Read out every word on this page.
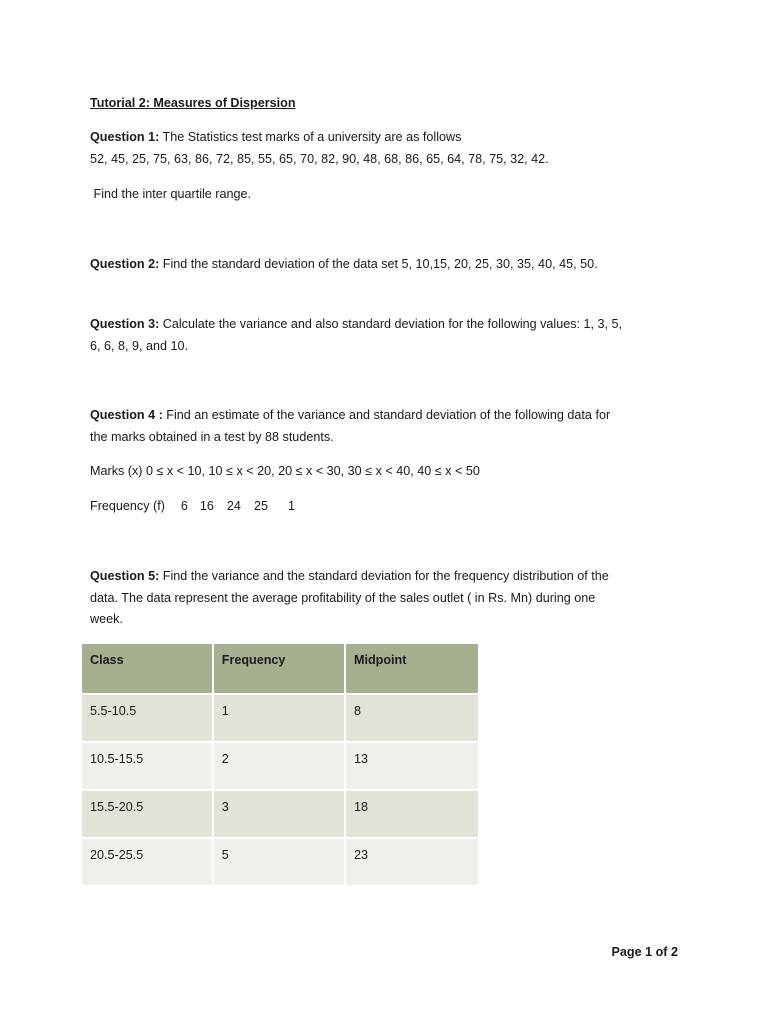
Tutorial 2: Measures of Dispersion
Question 1: The Statistics test marks of a university are as follows
52, 45, 25, 75, 63, 86, 72, 85, 55, 65, 70, 82, 90, 48, 68, 86, 65, 64, 78, 75, 32, 42.
Find the inter quartile range.
Question 2: Find the standard deviation of the data set 5, 10,15, 20, 25, 30, 35, 40, 45, 50.
Question 3: Calculate the variance and also standard deviation for the following values: 1, 3, 5,
6, 6, 8, 9, and 10.
Question 4 : Find an estimate of the variance and standard deviation of the following data for
the marks obtained in a test by 88 students.
Marks (x) 0 ≤ x < 10, 10 ≤ x < 20, 20 ≤ x < 30, 30 ≤ x < 40, 40 ≤ x < 50
Frequency (f) 6 16 24 25 1
Question 5: Find the variance and the standard deviation for the frequency distribution of the
data. The data represent the average profitability of the sales outlet ( in Rs. Mn) during one
week.
Class	Frequency	Midpoint
5.5-10.5	1	8
10.5-15.5	2	13
15.5-20.5	3	18
20.5-25.5	5	23
Page 1 of 2
